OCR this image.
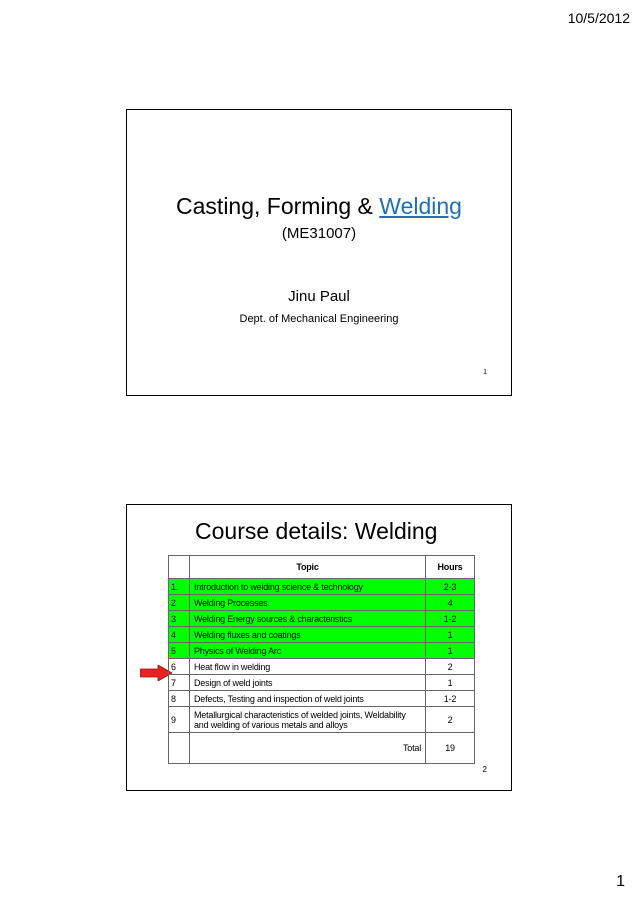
10/5/2012
Casting, Forming & Welding
(ME31007)
Jinu Paul
Dept. of Mechanical Engineering
1
Course details: Welding
	Topic	Hours
1.	Introduction to welding science & technology	2-3
2	Welding Processes	4
3	Welding Energy sources & characteristics	1-2
4	Welding fluxes and coatings	1
5	Physics of Welding Arc	1
6	Heat flow in welding	2
7	Design of weld joints	1
8	Defects, Testing and inspection of weld joints	1-2
9	Metallurgical characteristics of welded joints, Weldability and welding of various metals and alloys	2
	Total	19
2
1
